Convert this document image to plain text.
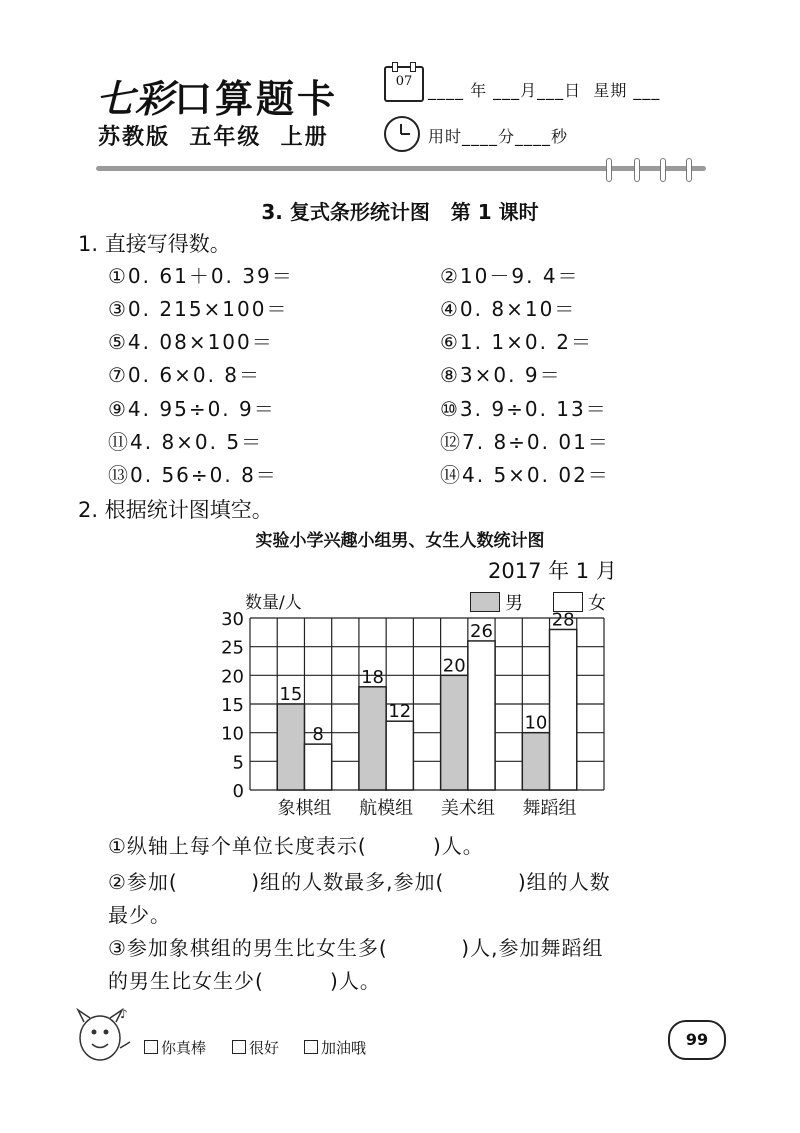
七彩口算题卡
苏教版  五年级  上册
07 ____ 年 ___月___日  星期 ___
用时____分____秒
3. 复式条形统计图   第 1 课时
1. 直接写得数。
①0. 61＋0. 39＝	②10－9. 4＝
③0. 215×100＝	④0. 8×10＝
⑤4. 08×100＝	⑥1. 1×0. 2＝
⑦0. 6×0. 8＝	⑧3×0. 9＝
⑨4. 95÷0. 9＝	⑩3. 9÷0. 13＝
⑪4. 8×0. 5＝	⑫7. 8÷0. 01＝
⑬0. 56÷0. 8＝	⑭4. 5×0. 02＝
2. 根据统计图填空。
实验小学兴趣小组男、女生人数统计图
2017 年 1 月
数量/人	男	女
0
5
10
15
20
25
30
15
8
象棋组
18
12
航模组
20
26
美术组
10
28
舞蹈组
①纵轴上每个单位长度表示(         )人。
②参加(          )组的人数最多,参加(          )组的人数
最少。
③参加象棋组的男生比女生多(          )人,参加舞蹈组
的男生比女生少(         )人。
♪
你真棒	很好	加油哦	99
